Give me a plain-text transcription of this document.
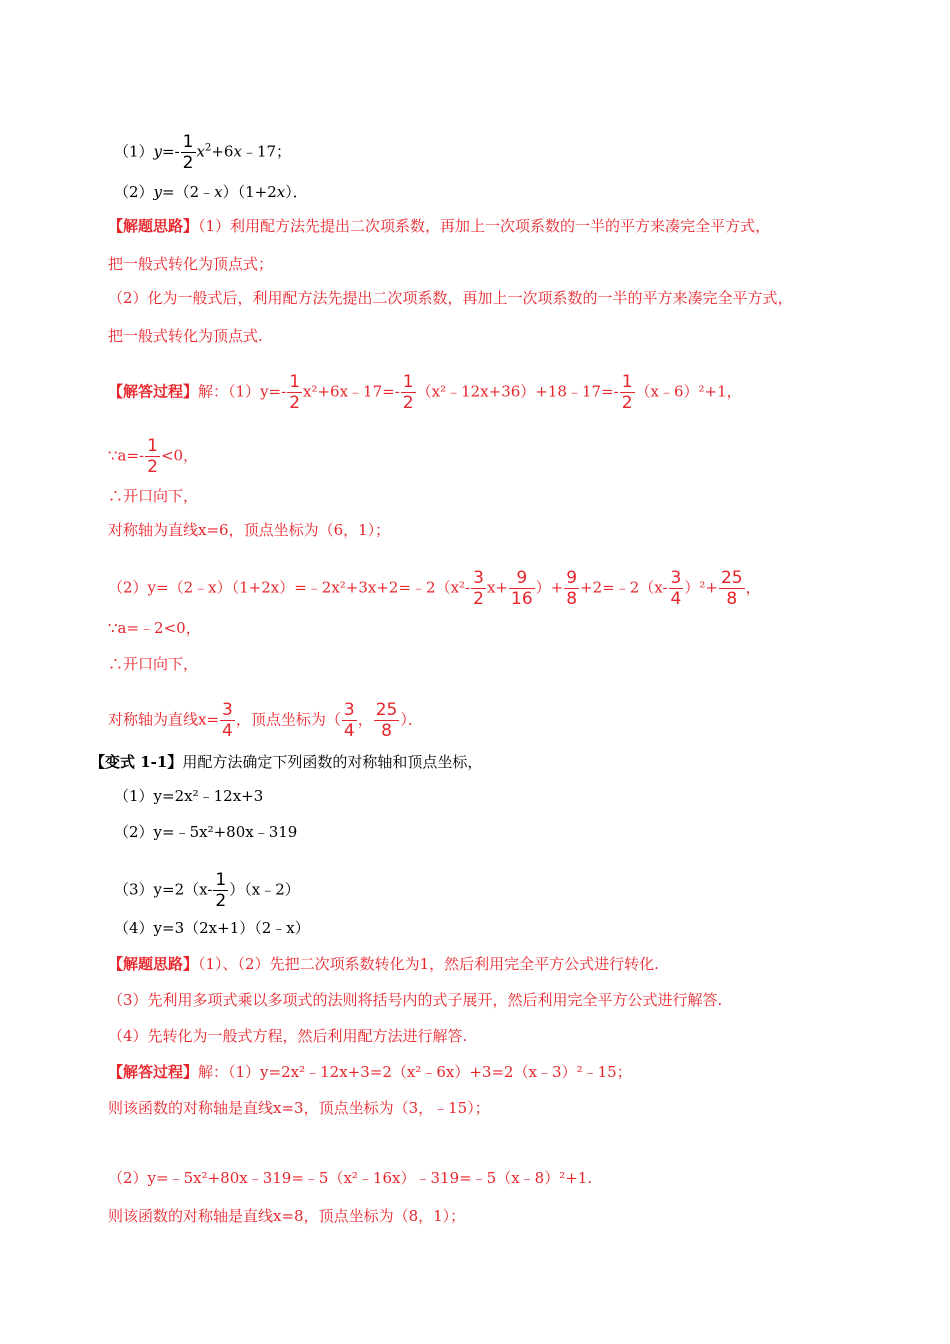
$(1)y=- \frac{1}{2}$ $x^2+6x﹣17$；
（2）y=（2﹣x）（1+2x）．
【解题思路】（1）利用配方法先提出二次项系数，再加上一次项系数的一半的平方来凑完全平方式，
把一般式转化为顶点式；
（2）化为一般式后，利用配方法先提出二次项系数，再加上一次项系数的一半的平方来凑完全平方式，
把一般式转化为顶点式.
【解答过程】解：$(1)y=- \frac{1}{2}$ x²+6x﹣17=- $\frac{1}{2}$ （x²﹣12x+36）+18﹣17=- $\frac{1}{2}$ （x﹣6）²+1，
∵a=- $\frac{1}{2} <0$，
∴开口向下，
对称轴为直线x=6，顶点坐标为（6，1）；
（2）y=（2﹣x）（1+2x）=﹣2x²+3x+2=﹣2（x²- $\frac{3}{2} x+ \frac{9}{16}$ ）+ $\frac{9}{8}$ +2=﹣2（x- $\frac{3}{4} )^2+ \frac{25}{8}$ ，
∵a=﹣2<0，
∴开口向下，
对称轴为直线$x= \frac{3}{4}$ ，顶点坐标为（ $\frac{3}{4}$ ， $\frac{25}{8}$ ）．
【变式 1-1】用配方法确定下列函数的对称轴和顶点坐标，
（1）y=2x²﹣12x+3
（2）y=﹣5x²+80x﹣319
$(3)y=2(x- \frac{1}{2}$ ）（x﹣2）
（4）y=3（2x+1）（2﹣x）
【解题思路】（1）、（2）先把二次项系数转化为1，然后利用完全平方公式进行转化.
（3）先利用多项式乘以多项式的法则将括号内的式子展开，然后利用完全平方公式进行解答.
（4）先转化为一般式方程，然后利用配方法进行解答.
【解答过程】解：（1）y=2x²﹣12x+3=2（x²﹣6x）+3=2（x﹣3）²﹣15；
则该函数的对称轴是直线x=3，顶点坐标为（3，﹣15）；
（2）y=﹣5x²+80x﹣319=﹣5（x²﹣16x）﹣319=﹣5（x﹣8）²+1.
则该函数的对称轴是直线x=8，顶点坐标为（8，1）；
